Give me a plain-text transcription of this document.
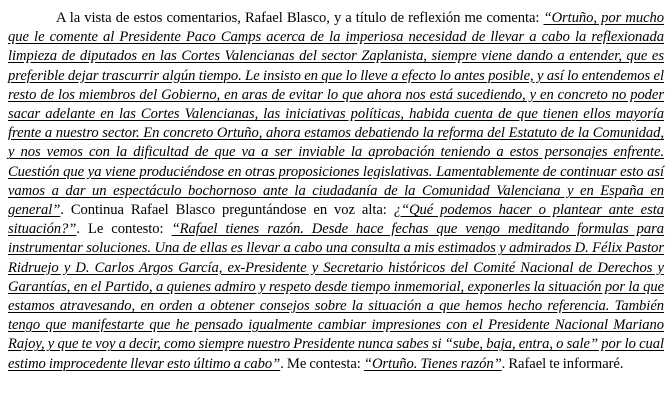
A la vista de estos comentarios, Rafael Blasco, y a título de reflexión me comenta: “Ortuño, por mucho que le comente al Presidente Paco Camps acerca de la imperiosa necesidad de llevar a cabo la reflexionada limpieza de diputados en las Cortes Valencianas del sector Zaplanista, siempre viene dando a entender, que es preferible dejar trascurrir algún tiempo. Le insisto en que lo lleve a efecto lo antes posible, y así lo entendemos el resto de los miembros del Gobierno, en aras de evitar lo que ahora nos está sucediendo, y en concreto no poder sacar adelante en las Cortes Valencianas, las iniciativas políticas, habida cuenta de que tienen ellos mayoría frente a nuestro sector. En concreto Ortuño, ahora estamos debatiendo la reforma del Estatuto de la Comunidad, y nos vemos con la dificultad de que va a ser inviable la aprobación teniendo a estos personajes enfrente. Cuestión que ya viene produciéndose en otras proposiciones legislativas. Lamentablemente de continuar esto así vamos a dar un espectáculo bochornoso ante la ciudadanía de la Comunidad Valenciana y en España en general”. Continua Rafael Blasco preguntándose en voz alta: ¿“Qué podemos hacer o plantear ante esta situación?”. Le contesto: “Rafael tienes razón. Desde hace fechas que vengo meditando formulas para instrumentar soluciones. Una de ellas es llevar a cabo una consulta a mis estimados y admirados D. Félix Pastor Ridruejo y D. Carlos Argos García, ex-Presidente y Secretario históricos del Comité Nacional de Derechos y Garantías, en el Partido, a quienes admiro y respeto desde tiempo inmemorial, exponerles la situación por la que estamos atravesando, en orden a obtener consejos sobre la situación a que hemos hecho referencia. También tengo que manifestarte que he pensado igualmente cambiar impresiones con el Presidente Nacional Mariano Rajoy, y que te voy a decir, como siempre nuestro Presidente nunca sabes si “sube, baja, entra, o sale” por lo cual estimo improcedente llevar esto último a cabo”. Me contesta: “Ortuño. Tienes razón”. Rafael te informaré.
